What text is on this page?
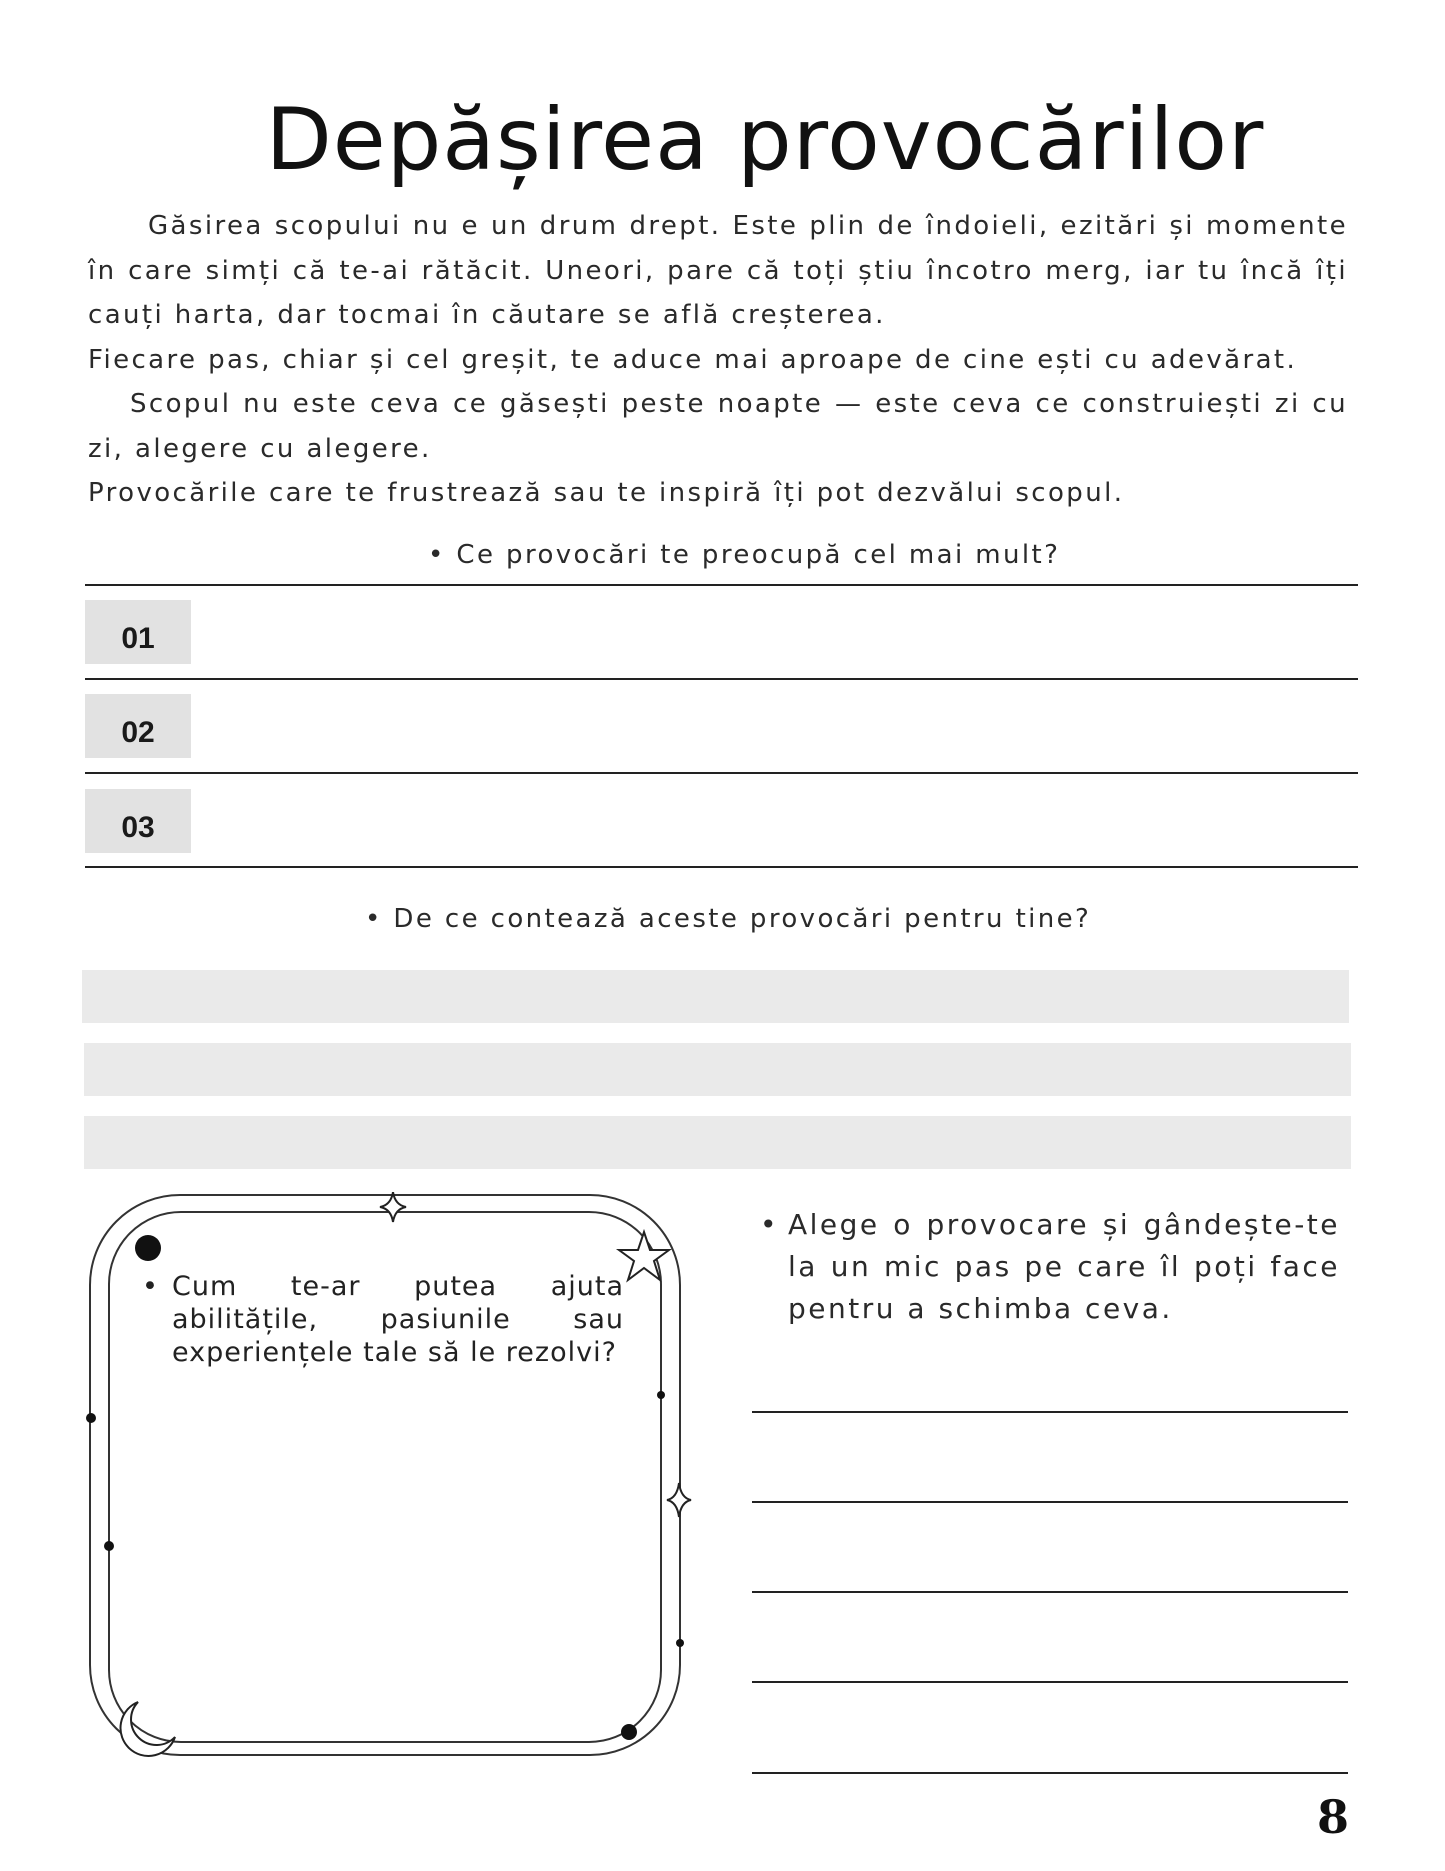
Depășirea provocărilor

Găsirea scopului nu e un drum drept. Este plin de îndoieli, ezitări și momente în care simți că te-ai rătăcit. Uneori, pare că toți știu încotro merg, iar tu încă îți cauți harta, dar tocmai în căutare se află creșterea.

Fiecare pas, chiar și cel greșit, te aduce mai aproape de cine ești cu adevărat.

Scopul nu este ceva ce găsești peste noapte — este ceva ce construiești zi cu zi, alegere cu alegere.

Provocările care te frustrează sau te inspiră îți pot dezvălui scopul.

• Ce provocări te preocupă cel mai mult?
01
02
03
• De ce contează aceste provocări pentru tine?
• Cum te-ar putea ajuta abilitățile, pasiunile sau experiențele tale să le rezolvi?
• Alege o provocare și gândește-te la un mic pas pe care îl poți face pentru a schimba ceva.
8
